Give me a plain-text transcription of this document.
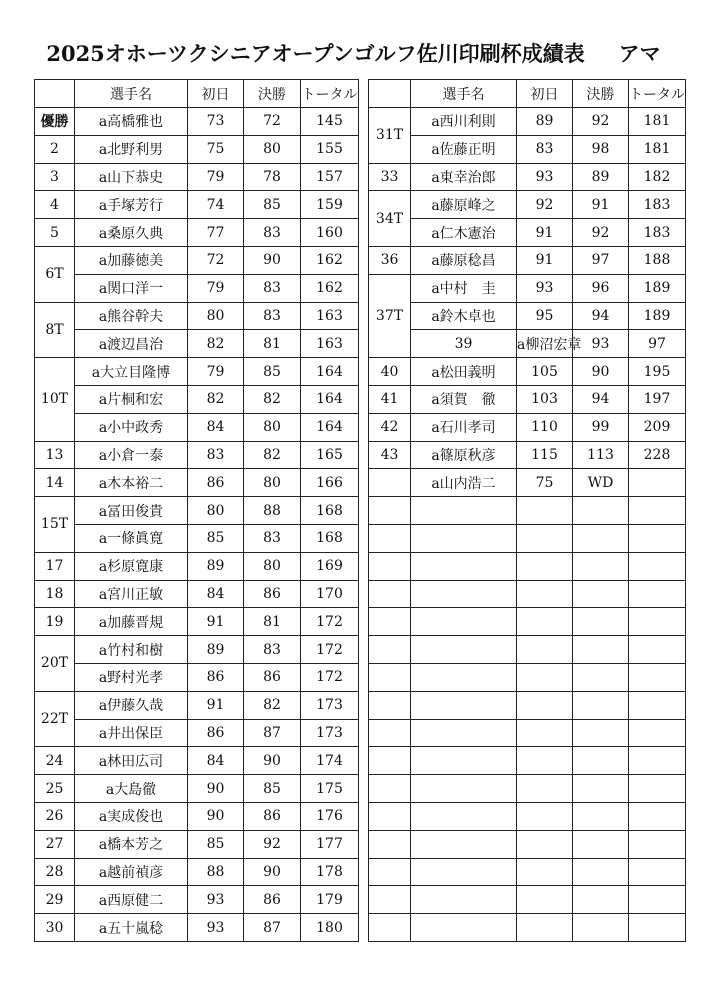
2025オホーツクシニアオープンゴルフ佐川印刷杯成績表 アマ
	選手名	初日	決勝	トータル			選手名	初日	決勝	トータル	
優勝	a高橋雅也	73	72	145		31T	a西川利則	89	92	181	
2	a北野利男	75	80	155			a佐藤正明	83	98	181	
3	a山下恭史	79	78	157		33	a東幸治郎	93	89	182	
4	a手塚芳行	74	85	159		34T	a藤原峰之	92	91	183	
5	a桑原久典	77	83	160			a仁木憲治	91	92	183	
6T	a加藤徳美	72	90	162		36	a藤原稔昌	91	97	188	
	a関口洋一	79	83	162		37T	a中村　圭	93	96	189	
8T	a熊谷幹夫	80	83	163			a鈴木卓也	95	94	189	
	a渡辺昌治	82	81	163			39	a柳沼宏章	93	97	
10T	a大立目隆博	79	85	164		40	a松田義明	105	90	195	
	a片桐和宏	82	82	164		41	a須賀　徹	103	94	197	
	a小中政秀	84	80	164		42	a石川孝司	110	99	209	
13	a小倉一泰	83	82	165		43	a篠原秋彦	115	113	228	
14	a木本裕二	86	80	166			a山内浩二	75	WD		
15T	a冨田俊貴	80	88	168							
	a一條眞寛	85	83	168							
17	a杉原寛康	89	80	169							
18	a宮川正敏	84	86	170							
19	a加藤晋規	91	81	172							
20T	a竹村和樹	89	83	172							
	a野村光孝	86	86	172							
22T	a伊藤久哉	91	82	173							
	a井出保臣	86	87	173							
24	a林田広司	84	90	174							
25	a大島徹	90	85	175							
26	a実成俊也	90	86	176							
27	a橋本芳之	85	92	177							
28	a越前禎彦	88	90	178							
29	a西原健二	93	86	179							
30	a五十嵐稔	93	87	180							
